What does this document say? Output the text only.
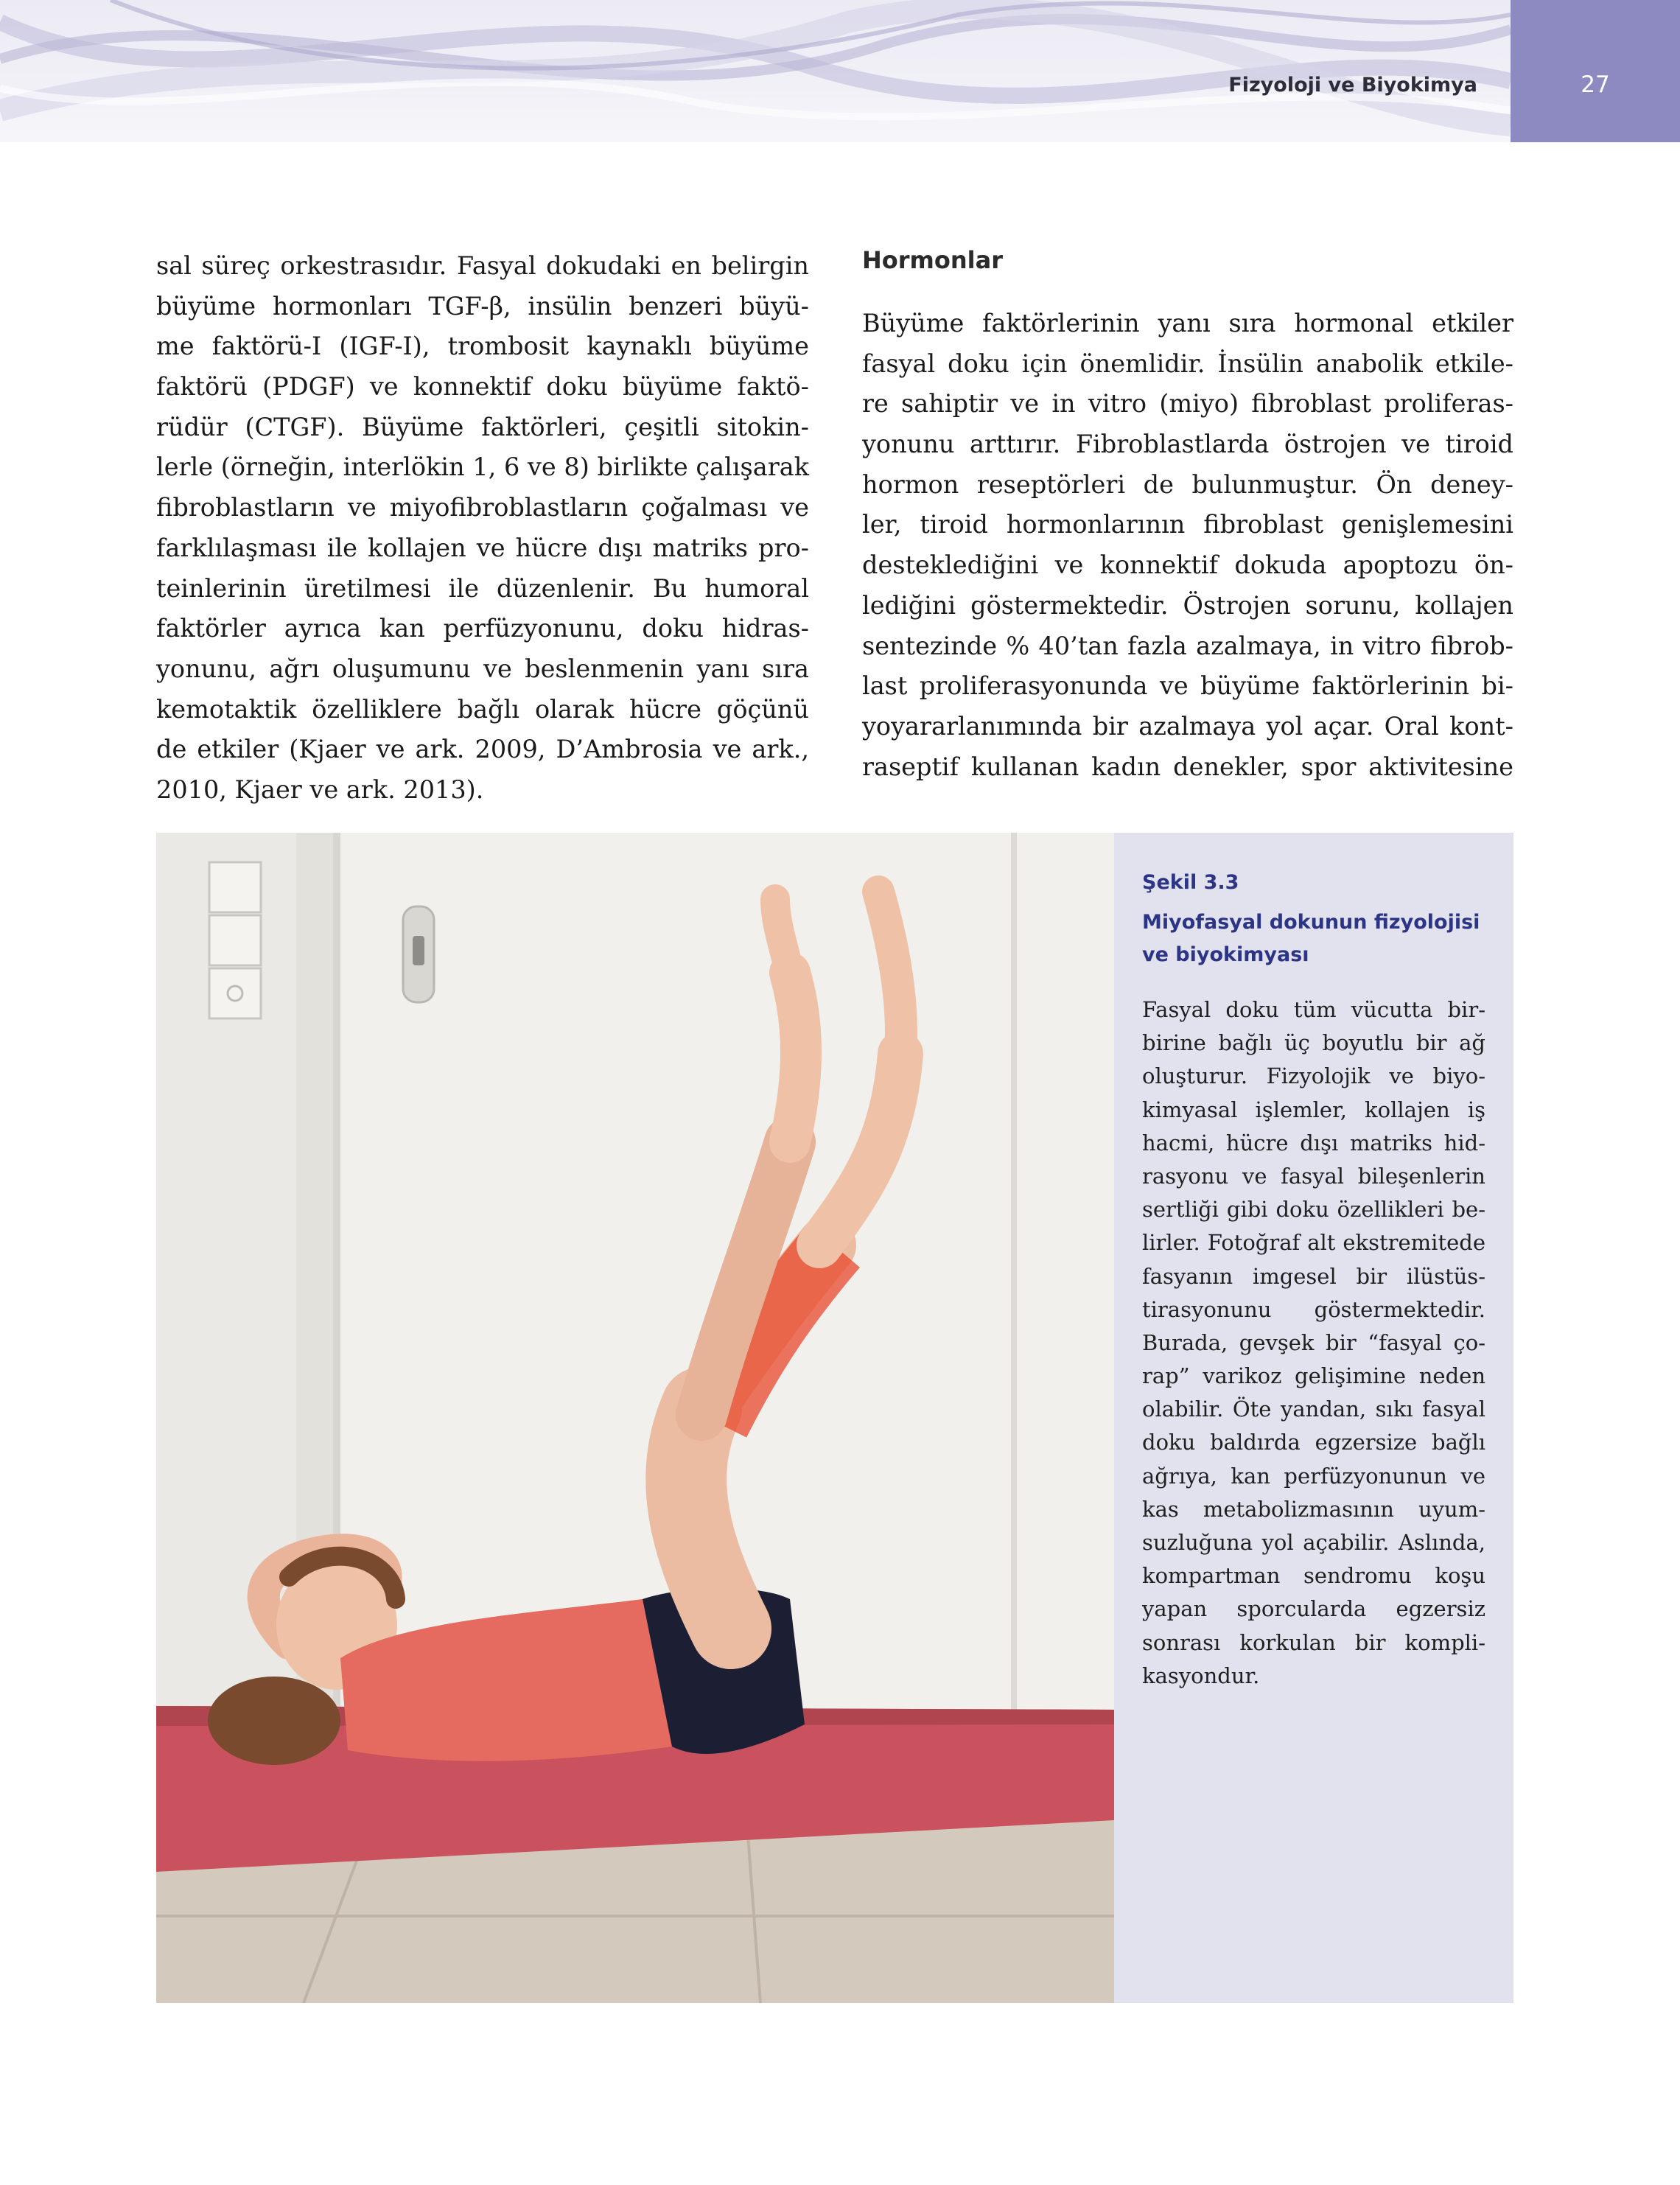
Fizyoloji ve Biyokimya	27
sal süreç orkestrasıdır. Fasyal dokudaki en belirgin
büyüme hormonları TGF-β, insülin benzeri büyü-
me faktörü-I (IGF-I), trombosit kaynaklı büyüme
faktörü (PDGF) ve konnektif doku büyüme faktö-
rüdür (CTGF). Büyüme faktörleri, çeşitli sitokin-
lerle (örneğin, interlökin 1, 6 ve 8) birlikte çalışarak
fibroblastların ve miyofibroblastların çoğalması ve
farklılaşması ile kollajen ve hücre dışı matriks pro-
teinlerinin üretilmesi ile düzenlenir. Bu humoral
faktörler ayrıca kan perfüzyonunu, doku hidras-
yonunu, ağrı oluşumunu ve beslenmenin yanı sıra
kemotaktik özelliklere bağlı olarak hücre göçünü
de etkiler (Kjaer ve ark. 2009, D’Ambrosia ve ark.,
2010, Kjaer ve ark. 2013).
Hormonlar
Büyüme faktörlerinin yanı sıra hormonal etkiler
fasyal doku için önemlidir. İnsülin anabolik etkile-
re sahiptir ve in vitro (miyo) fibroblast proliferas-
yonunu arttırır. Fibroblastlarda östrojen ve tiroid
hormon reseptörleri de bulunmuştur. Ön deney-
ler, tiroid hormonlarının fibroblast genişlemesini
desteklediğini ve konnektif dokuda apoptozu ön-
lediğini göstermektedir. Östrojen sorunu, kollajen
sentezinde % 40’tan fazla azalmaya, in vitro fibrob-
last proliferasyonunda ve büyüme faktörlerinin bi-
yoyararlanımında bir azalmaya yol açar. Oral kont-
raseptif kullanan kadın denekler, spor aktivitesine
Şekil 3.3
Miyofasyal dokunun fizyolojisi
ve biyokimyası
Fasyal doku tüm vücutta bir-
birine bağlı üç boyutlu bir ağ
oluşturur. Fizyolojik ve biyo-
kimyasal işlemler, kollajen iş
hacmi, hücre dışı matriks hid-
rasyonu ve fasyal bileşenlerin
sertliği gibi doku özellikleri be-
lirler. Fotoğraf alt ekstremitede
fasyanın imgesel bir ilüstüs-
tirasyonunu göstermektedir.
Burada, gevşek bir “fasyal ço-
rap” varikoz gelişimine neden
olabilir. Öte yandan, sıkı fasyal
doku baldırda egzersize bağlı
ağrıya, kan perfüzyonunun ve
kas metabolizmasının uyum-
suzluğuna yol açabilir. Aslında,
kompartman sendromu koşu
yapan sporcularda egzersiz
sonrası korkulan bir kompli-
kasyondur.
